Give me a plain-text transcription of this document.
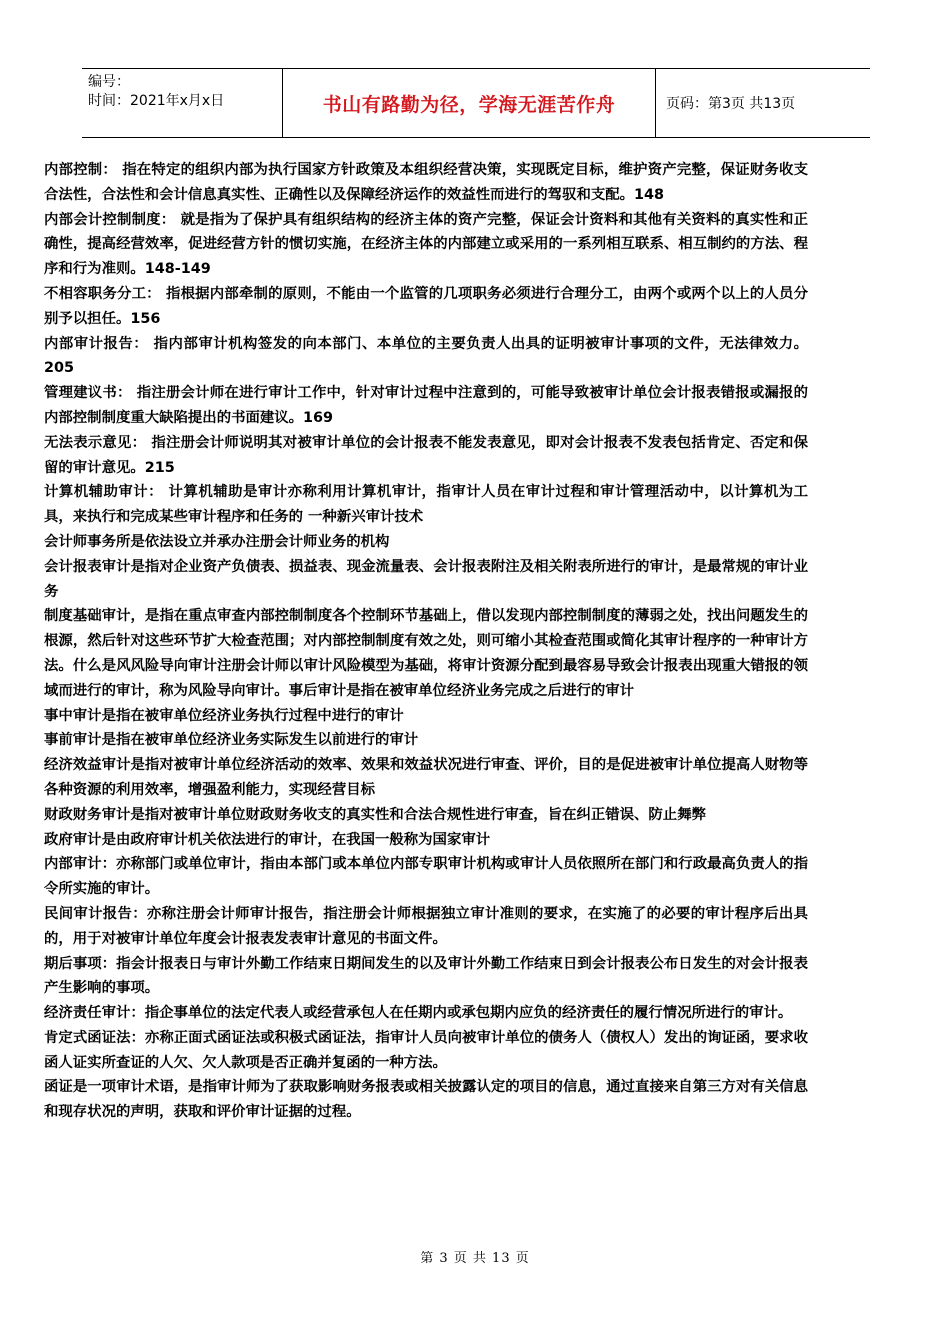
编号：
时间：2021年x月x日	书山有路勤为径，学海无涯苦作舟	页码：第3页 共13页

内部控制： 指在特定的组织内部为执行国家方针政策及本组织经营决策，实现既定目标，维护资产完整，保证财务收支合法性，合法性和会计信息真实性、正确性以及保障经济运作的效益性而进行的驾驭和支配。148

内部会计控制制度： 就是指为了保护具有组织结构的经济主体的资产完整，保证会计资料和其他有关资料的真实性和正确性，提高经营效率，促进经营方针的惯切实施，在经济主体的内部建立或采用的一系列相互联系、相互制约的方法、程序和行为准则。148-149

不相容职务分工： 指根据内部牵制的原则，不能由一个监管的几项职务必须进行合理分工，由两个或两个以上的人员分别予以担任。156

内部审计报告： 指内部审计机构签发的向本部门、本单位的主要负责人出具的证明被审计事项的文件，无法律效力。205

管理建议书： 指注册会计师在进行审计工作中，针对审计过程中注意到的，可能导致被审计单位会计报表错报或漏报的内部控制制度重大缺陷提出的书面建议。169

无法表示意见： 指注册会计师说明其对被审计单位的会计报表不能发表意见，即对会计报表不发表包括肯定、否定和保留的审计意见。215

计算机辅助审计： 计算机辅助是审计亦称利用计算机审计，指审计人员在审计过程和审计管理活动中，以计算机为工具，来执行和完成某些审计程序和任务的 一种新兴审计技术

会计师事务所是依法设立并承办注册会计师业务的机构

会计报表审计是指对企业资产负债表、损益表、现金流量表、会计报表附注及相关附表所进行的审计，是最常规的审计业务

制度基础审计，是指在重点审查内部控制制度各个控制环节基础上，借以发现内部控制制度的薄弱之处，找出问题发生的根源，然后针对这些环节扩大检查范围；对内部控制制度有效之处，则可缩小其检查范围或简化其审计程序的一种审计方法。什么是风风险导向审计注册会计师以审计风险模型为基础，将审计资源分配到最容易导致会计报表出现重大错报的领域而进行的审计，称为风险导向审计。事后审计是指在被审单位经济业务完成之后进行的审计

事中审计是指在被审单位经济业务执行过程中进行的审计

事前审计是指在被审单位经济业务实际发生以前进行的审计

经济效益审计是指对被审计单位经济活动的效率、效果和效益状况进行审查、评价，目的是促进被审计单位提高人财物等各种资源的利用效率，增强盈利能力，实现经营目标

财政财务审计是指对被审计单位财政财务收支的真实性和合法合规性进行审查，旨在纠正错误、防止舞弊

政府审计是由政府审计机关依法进行的审计，在我国一般称为国家审计

内部审计：亦称部门或单位审计，指由本部门或本单位内部专职审计机构或审计人员依照所在部门和行政最高负责人的指令所实施的审计。

民间审计报告：亦称注册会计师审计报告，指注册会计师根据独立审计准则的要求，在实施了的必要的审计程序后出具的，用于对被审计单位年度会计报表发表审计意见的书面文件。

期后事项：指会计报表日与审计外勤工作结束日期间发生的以及审计外勤工作结束日到会计报表公布日发生的对会计报表产生影响的事项。

经济责任审计：指企事单位的法定代表人或经营承包人在任期内或承包期内应负的经济责任的履行情况所进行的审计。

肯定式函证法：亦称正面式函证法或积极式函证法，指审计人员向被审计单位的债务人（债权人）发出的询证函，要求收函人证实所查证的人欠、欠人款项是否正确并复函的一种方法。

函证是一项审计术语，是指审计师为了获取影响财务报表或相关披露认定的项目的信息，通过直接来自第三方对有关信息和现存状况的声明，获取和评价审计证据的过程。

第 3 页 共 13 页
